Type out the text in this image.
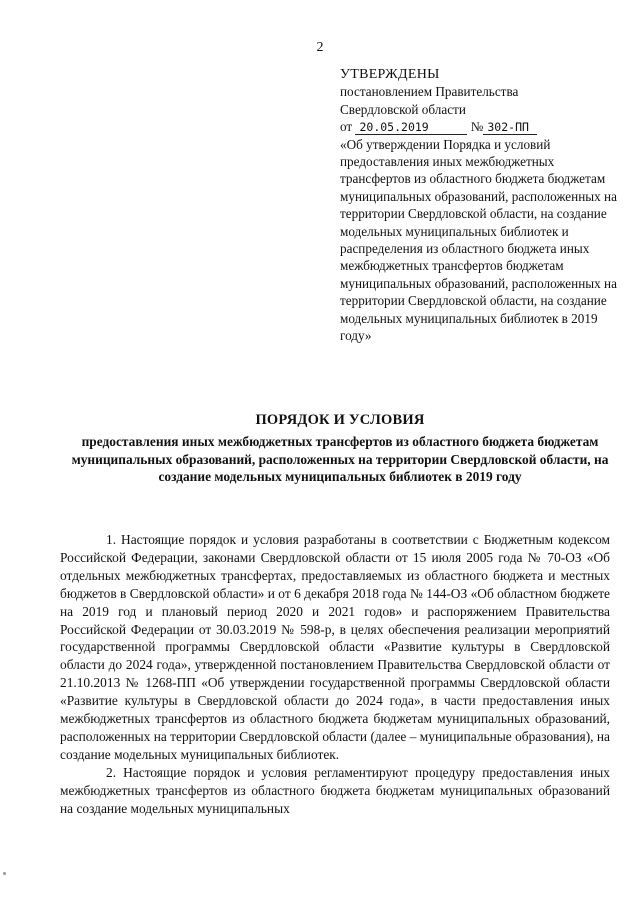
2
УТВЕРЖДЕНЫ
постановлением Правительства
Свердловской области
от 20.05.2019	№ 302-ПП
«Об утверждении Порядка и условий предоставления иных межбюджетных трансфертов из областного бюджета бюджетам муниципальных образований, расположенных на территории Свердловской области, на создание модельных муниципальных библиотек и распределения из областного бюджета иных межбюджетных трансфертов бюджетам муниципальных образований, расположенных на территории Свердловской области, на создание модельных муниципальных библиотек в 2019 году»
ПОРЯДОК И УСЛОВИЯ
предоставления иных межбюджетных трансфертов из областного бюджета бюджетам муниципальных образований, расположенных на территории Свердловской области, на создание модельных муниципальных библиотек в 2019 году

1. Настоящие порядок и условия разработаны в соответствии с Бюджетным кодексом Российской Федерации, законами Свердловской области от 15 июля 2005 года № 70-ОЗ «Об отдельных межбюджетных трансфертах, предоставляемых из областного бюджета и местных бюджетов в Свердловской области» и от 6 декабря 2018 года № 144-ОЗ «Об областном бюджете на 2019 год и плановый период 2020 и 2021 годов» и распоряжением Правительства Российской Федерации от 30.03.2019 № 598-р, в целях обеспечения реализации мероприятий государственной программы Свердловской области «Развитие культуры в Свердловской области до 2024 года», утвержденной постановлением Правительства Свердловской области от 21.10.2013 № 1268-ПП «Об утверждении государственной программы Свердловской области «Развитие культуры в Свердловской области до 2024 года», в части предоставления иных межбюджетных трансфертов из областного бюджета бюджетам муниципальных образований, расположенных на территории Свердловской области (далее – муниципальные образования), на создание модельных муниципальных библиотек.

2. Настоящие порядок и условия регламентируют процедуру предоставления иных межбюджетных трансфертов из областного бюджета бюджетам муниципальных образований на создание модельных муниципальных
